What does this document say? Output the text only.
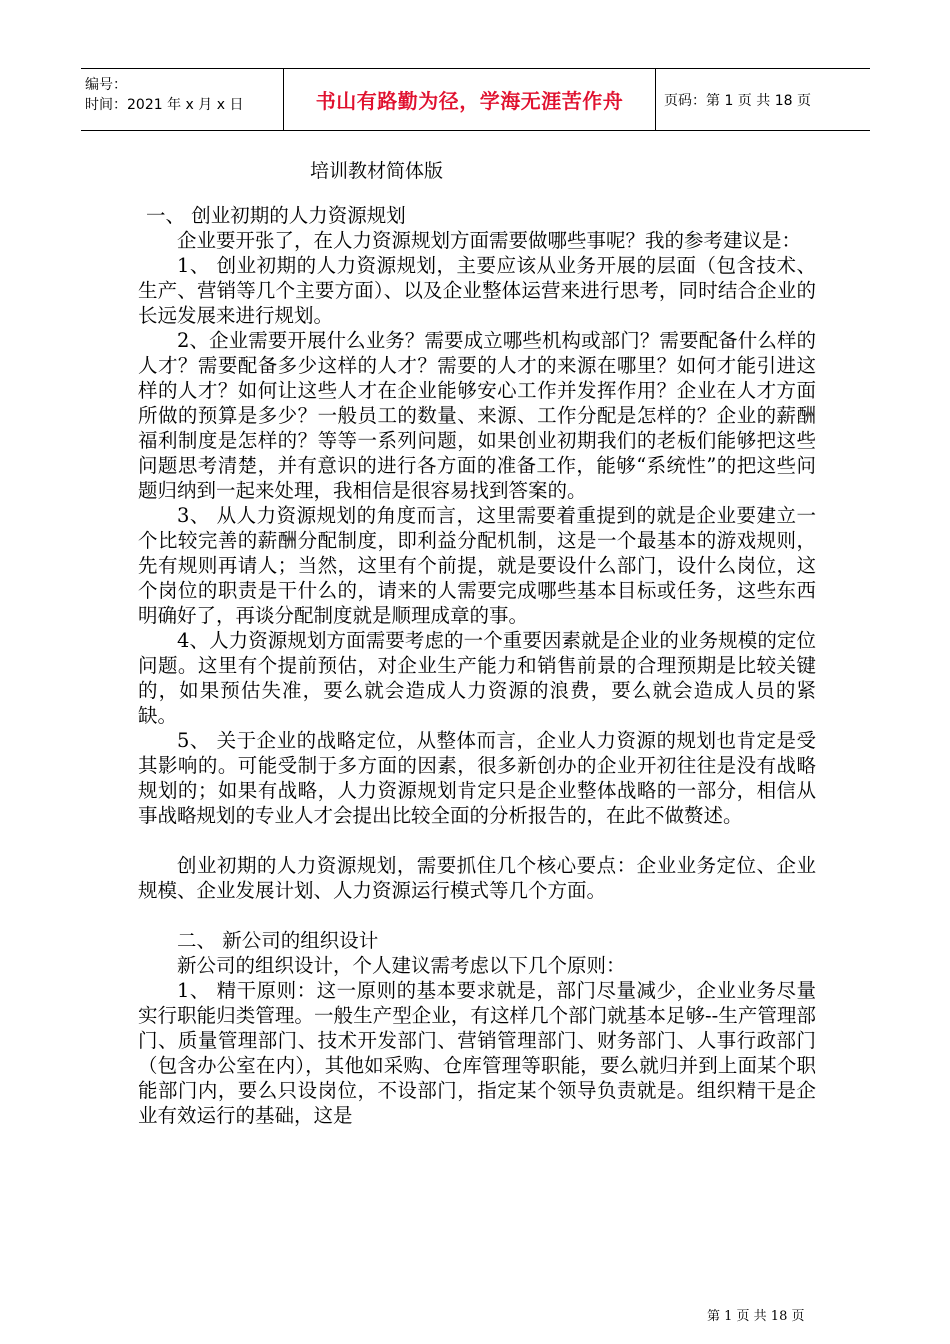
编号：
时间：2021 年 x 月 x 日	书山有路勤为径，学海无涯苦作舟	页码：第 1 页 共 18 页
培训教材简体版

一、 创业初期的人力资源规划

企业要开张了，在人力资源规划方面需要做哪些事呢？我的参考建议是：

1、 创业初期的人力资源规划，主要应该从业务开展的层面（包含技术、生产、营销等几个主要方面）、以及企业整体运营来进行思考，同时结合企业的长远发展来进行规划。

2、企业需要开展什么业务？需要成立哪些机构或部门？需要配备什么样的人才？需要配备多少这样的人才？需要的人才的来源在哪里？如何才能引进这样的人才？如何让这些人才在企业能够安心工作并发挥作用？企业在人才方面所做的预算是多少？一般员工的数量、来源、工作分配是怎样的？企业的薪酬福利制度是怎样的？等等一系列问题，如果创业初期我们的老板们能够把这些问题思考清楚，并有意识的进行各方面的准备工作，能够“系统性”的把这些问题归纳到一起来处理，我相信是很容易找到答案的。

3、 从人力资源规划的角度而言，这里需要着重提到的就是企业要建立一个比较完善的薪酬分配制度，即利益分配机制，这是一个最基本的游戏规则，先有规则再请人；当然，这里有个前提，就是要设什么部门，设什么岗位，这个岗位的职责是干什么的，请来的人需要完成哪些基本目标或任务，这些东西明确好了，再谈分配制度就是顺理成章的事。

4、人力资源规划方面需要考虑的一个重要因素就是企业的业务规模的定位问题。这里有个提前预估，对企业生产能力和销售前景的合理预期是比较关键的，如果预估失准，要么就会造成人力资源的浪费，要么就会造成人员的紧缺。

5、 关于企业的战略定位，从整体而言，企业人力资源的规划也肯定是受其影响的。可能受制于多方面的因素，很多新创办的企业开初往往是没有战略规划的；如果有战略，人力资源规划肯定只是企业整体战略的一部分，相信从事战略规划的专业人才会提出比较全面的分析报告的，在此不做赘述。

创业初期的人力资源规划，需要抓住几个核心要点：企业业务定位、企业规模、企业发展计划、人力资源运行模式等几个方面。

二、 新公司的组织设计

新公司的组织设计，个人建议需考虑以下几个原则：

1、 精干原则：这一原则的基本要求就是，部门尽量减少，企业业务尽量实行职能归类管理。一般生产型企业，有这样几个部门就基本足够--生产管理部门、质量管理部门、技术开发部门、营销管理部门、财务部门、人事行政部门（包含办公室在内），其他如采购、仓库管理等职能，要么就归并到上面某个职能部门内，要么只设岗位，不设部门，指定某个领导负责就是。组织精干是企业有效运行的基础，这是

第 1 页 共 18 页
